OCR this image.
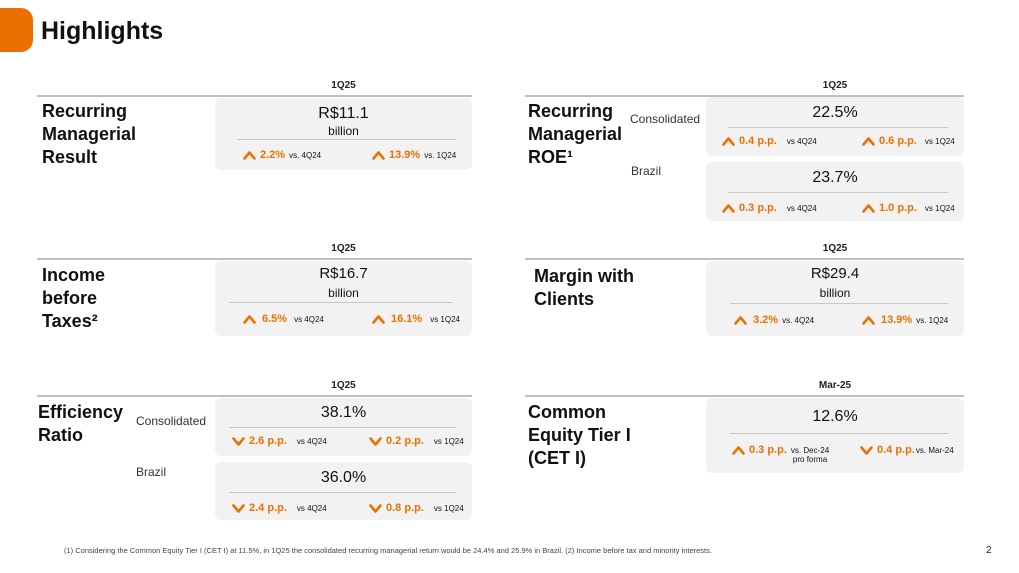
Highlights
1Q25
Recurring
Managerial
Result
R$11.1
billion
2.2% vs. 4Q24	13.9% vs. 1Q24
1Q25
Recurring
Managerial
ROE¹
Consolidated
Brazil
22.5%
0.4 p.p. vs 4Q24	0.6 p.p. vs 1Q24
23.7%
0.3 p.p. vs 4Q24	1.0 p.p. vs 1Q24
1Q25
Income
before
Taxes²
R$16.7
billion
6.5% vs 4Q24	16.1% vs 1Q24
1Q25
Margin with
Clients
R$29.4
billion
3.2% vs. 4Q24	13.9% vs. 1Q24
1Q25
Efficiency
Ratio
Consolidated
Brazil
38.1%
2.6 p.p. vs 4Q24	0.2 p.p. vs 1Q24
36.0%
2.4 p.p. vs 4Q24	0.8 p.p. vs 1Q24
Mar-25
Common
Equity Tier I
(CET I)
12.6%
0.3 p.p. vs. Dec-24
pro forma
0.4 p.p. vs. Mar-24
(1) Considering the Common Equity Tier I (CET I) at 11.5%, in 1Q25 the consolidated recurring managerial return would be 24.4% and 25.9% in Brazil. (2) Income before tax and minority interests.	2
